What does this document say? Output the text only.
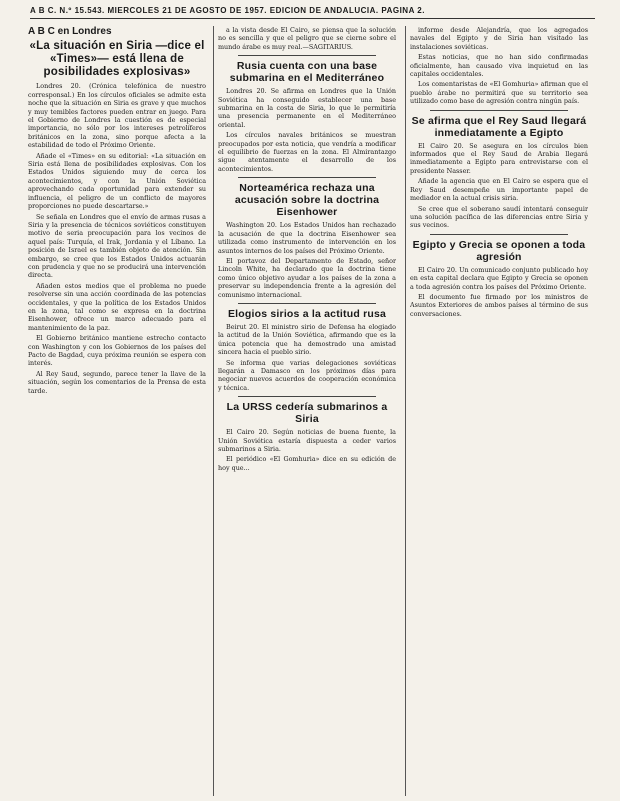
A B C. N.º 15.543. MIERCOLES 21 DE AGOSTO DE 1957. EDICION DE ANDALUCIA. PAGINA 2.
A B C en Londres
«La situación en Siria —dice el «Times»— está llena de posibilidades explosivas»

Londres 20. (Crónica telefónica de nuestro corresponsal.) En los círculos oficiales se admite esta noche que la situación en Siria es grave y que muchos y muy temibles factores pueden entrar en juego. Para el Gobierno de Londres la cuestión es de especial importancia, no sólo por los intereses petrolíferos británicos en la zona, sino porque afecta a la estabilidad de todo el Próximo Oriente.

Añade el «Times» en su editorial: «La situación en Siria está llena de posibilidades explosivas. Con los Estados Unidos siguiendo muy de cerca los acontecimientos, y con la Unión Soviética aprovechando cada oportunidad para extender su influencia, el peligro de un conflicto de mayores proporciones no puede descartarse.»

Se señala en Londres que el envío de armas rusas a Siria y la presencia de técnicos soviéticos constituyen motivo de seria preocupación para los vecinos de aquel país: Turquía, el Irak, Jordania y el Líbano. La posición de Israel es también objeto de atención. Sin embargo, se cree que los Estados Unidos actuarán con prudencia y que no se producirá una intervención directa.

Añaden estos medios que el problema no puede resolverse sin una acción coordinada de las potencias occidentales, y que la política de los Estados Unidos en la zona, tal como se expresa en la doctrina Eisenhower, ofrece un marco adecuado para el mantenimiento de la paz.

El Gobierno británico mantiene estrecho contacto con Washington y con los Gobiernos de los países del Pacto de Bagdad, cuya próxima reunión se espera con interés.

Al Rey Saud, segundo, parece tener la llave de la situación, según los comentarios de la Prensa de esta tarde.

a la vista desde El Cairo, se piensa que la solución no es sencilla y que el peligro que se cierne sobre el mundo árabe es muy real.—SAGITARIUS.

Rusia cuenta con una base submarina en el Mediterráneo

Londres 20. Se afirma en Londres que la Unión Soviética ha conseguido establecer una base submarina en la costa de Siria, lo que le permitiría una presencia permanente en el Mediterráneo oriental.

Los círculos navales británicos se muestran preocupados por esta noticia, que vendría a modificar el equilibrio de fuerzas en la zona. El Almirantazgo sigue atentamente el desarrollo de los acontecimientos.

Norteamérica rechaza una acusación sobre la doctrina Eisenhower

Washington 20. Los Estados Unidos han rechazado la acusación de que la doctrina Eisenhower sea utilizada como instrumento de intervención en los asuntos internos de los países del Próximo Oriente.

El portavoz del Departamento de Estado, señor Lincoln White, ha declarado que la doctrina tiene como único objetivo ayudar a los países de la zona a preservar su independencia frente a la agresión del comunismo internacional.

Elogios sirios a la actitud rusa

Beirut 20. El ministro sirio de Defensa ha elogiado la actitud de la Unión Soviética, afirmando que es la única potencia que ha demostrado una amistad sincera hacia el pueblo sirio.

Se informa que varias delegaciones soviéticas llegarán a Damasco en los próximos días para negociar nuevos acuerdos de cooperación económica y técnica.

La URSS cedería submarinos a Siria

El Cairo 20. Según noticias de buena fuente, la Unión Soviética estaría dispuesta a ceder varios submarinos a Siria.

El periódico «El Gomhuria» dice en su edición de hoy que...

informe desde Alejandría, que los agregados navales del Egipto y de Siria han visitado las instalaciones soviéticas.

Estas noticias, que no han sido confirmadas oficialmente, han causado viva inquietud en las capitales occidentales.

Los comentaristas de «El Gomhuria» afirman que el pueblo árabe no permitirá que su territorio sea utilizado como base de agresión contra ningún país.

Se afirma que el Rey Saud llegará inmediatamente a Egipto

El Cairo 20. Se asegura en los círculos bien informados que el Rey Saud de Arabia llegará inmediatamente a Egipto para entrevistarse con el presidente Nasser.

Añade la agencia que en El Cairo se espera que el Rey Saud desempeñe un importante papel de mediador en la actual crisis siria.

Se cree que el soberano saudí intentará conseguir una solución pacífica de las diferencias entre Siria y sus vecinos.

Egipto y Grecia se oponen a toda agresión

El Cairo 20. Un comunicado conjunto publicado hoy en esta capital declara que Egipto y Grecia se oponen a toda agresión contra los países del Próximo Oriente.

El documento fue firmado por los ministros de Asuntos Exteriores de ambos países al término de sus conversaciones.
